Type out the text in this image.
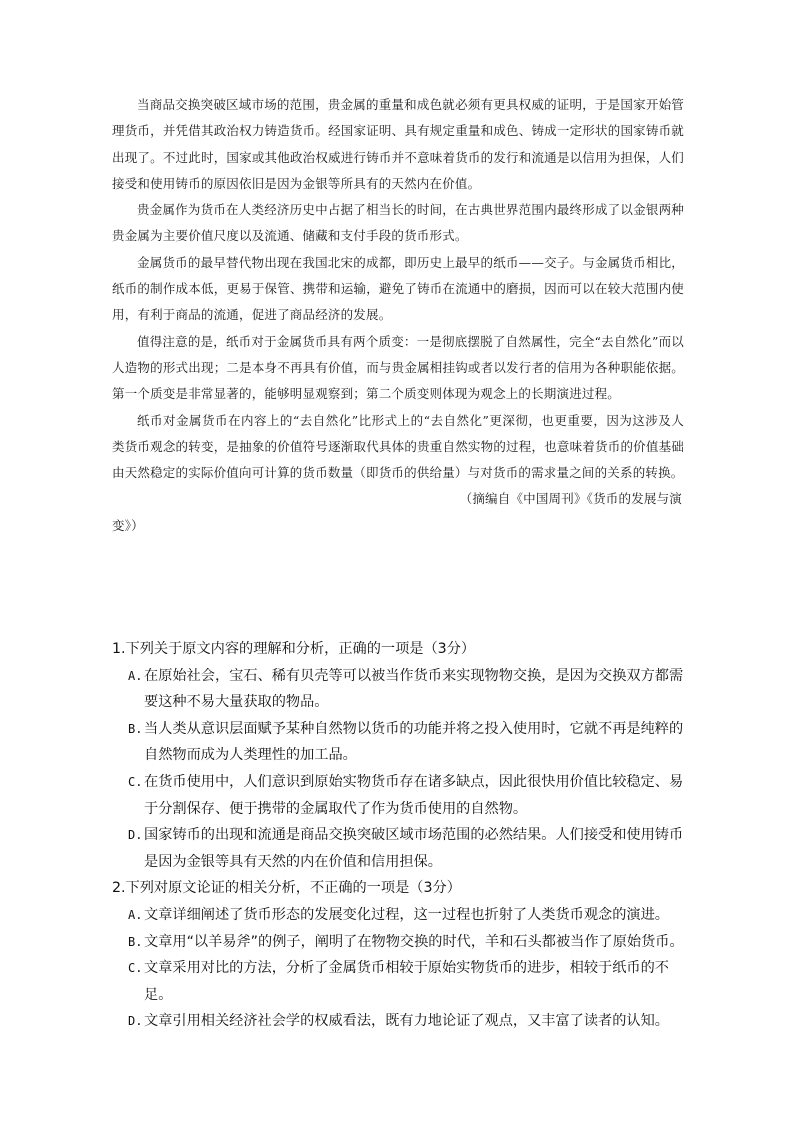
当商品交换突破区域市场的范围，贵金属的重量和成色就必须有更具权威的证明，于是国家开始管理货币，并凭借其政治权力铸造货币。经国家证明、具有规定重量和成色、铸成一定形状的国家铸币就出现了。不过此时，国家或其他政治权威进行铸币并不意味着货币的发行和流通是以信用为担保，人们接受和使用铸币的原因依旧是因为金银等所具有的天然内在价值。

贵金属作为货币在人类经济历史中占据了相当长的时间，在古典世界范围内最终形成了以金银两种贵金属为主要价值尺度以及流通、储藏和支付手段的货币形式。

金属货币的最早替代物出现在我国北宋的成都，即历史上最早的纸币——交子。与金属货币相比，纸币的制作成本低，更易于保管、携带和运输，避免了铸币在流通中的磨损，因而可以在较大范围内使用，有利于商品的流通，促进了商品经济的发展。

值得注意的是，纸币对于金属货币具有两个质变：一是彻底摆脱了自然属性，完全“去自然化”而以人造物的形式出现；二是本身不再具有价值，而与贵金属相挂钩或者以发行者的信用为各种职能依据。第一个质变是非常显著的，能够明显观察到；第二个质变则体现为观念上的长期演进过程。

纸币对金属货币在内容上的“去自然化”比形式上的“去自然化”更深彻，也更重要，因为这涉及人类货币观念的转变，是抽象的价值符号逐渐取代具体的贵重自然实物的过程，也意味着货币的价值基础由天然稳定的实际价值向可计算的货币数量（即货币的供给量）与对货币的需求量之间的关系的转换。

（摘编自《中国周刊》《货币的发展与演
变》）

1.下列关于原文内容的理解和分析，正确的一项是（3分）

A. 在原始社会，宝石、稀有贝壳等可以被当作货币来实现物物交换，是因为交换双方都需要这种不易大量获取的物品。
B. 当人类从意识层面赋予某种自然物以货币的功能并将之投入使用时，它就不再是纯粹的自然物而成为人类理性的加工品。
C. 在货币使用中，人们意识到原始实物货币存在诸多缺点，因此很快用价值比较稳定、易于分割保存、便于携带的金属取代了作为货币使用的自然物。
D. 国家铸币的出现和流通是商品交换突破区域市场范围的必然结果。人们接受和使用铸币是因为金银等具有天然的内在价值和信用担保。

2.下列对原文论证的相关分析，不正确的一项是（3分）

A. 文章详细阐述了货币形态的发展变化过程，这一过程也折射了人类货币观念的演进。
B. 文章用“以羊易斧”的例子，阐明了在物物交换的时代，羊和石头都被当作了原始货币。
C. 文章采用对比的方法，分析了金属货币相较于原始实物货币的进步，相较于纸币的不足。
D. 文章引用相关经济社会学的权威看法，既有力地论证了观点，又丰富了读者的认知。
